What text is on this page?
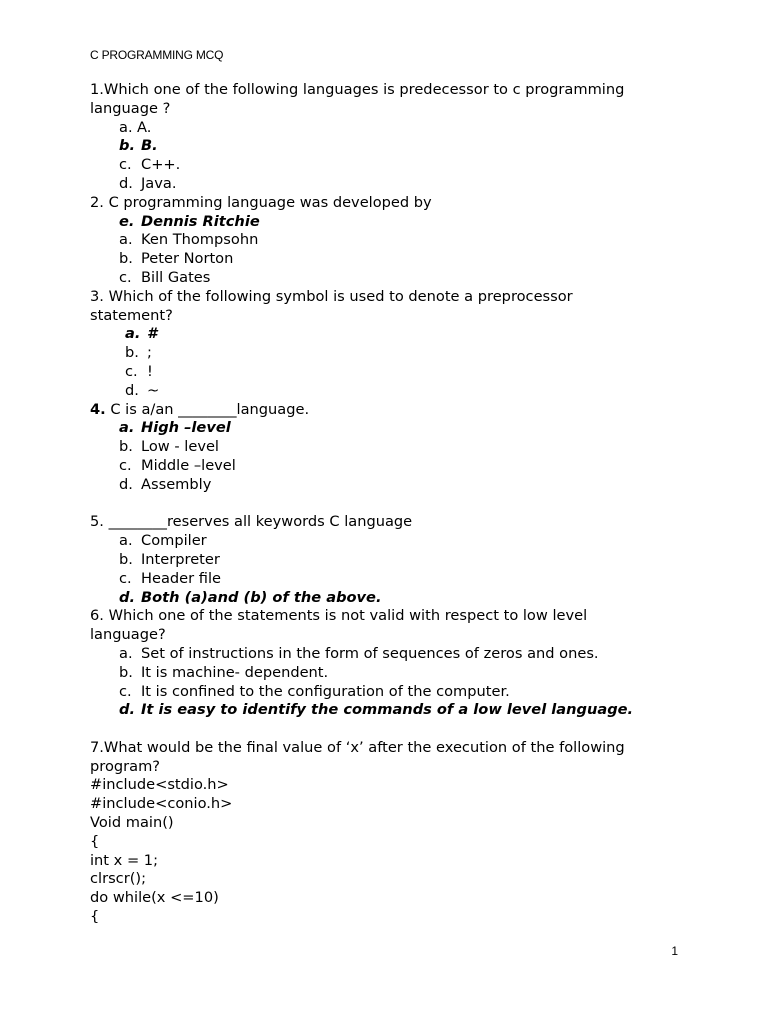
C PROGRAMMING MCQ
1.Which one of the following languages is predecessor to c programming
language ?
a. A.
b. B.
c. C++.
d. Java.
2. C programming language was developed by
e. Dennis Ritchie
a. Ken Thompsohn
b. Peter Norton
c. Bill Gates
3. Which of the following symbol is used to denote a preprocessor
statement?
a. #
b. ;
c. !
d. ~
4. C is a/an ________language.
a. High –level
b. Low - level
c. Middle –level
d. Assembly
5. ________reserves all keywords C language
a. Compiler
b. Interpreter
c. Header file
d. Both (a)and (b) of the above.
6. Which one of the statements is not valid with respect to low level
language?
a. Set of instructions in the form of sequences of zeros and ones.
b. It is machine- dependent.
c. It is confined to the configuration of the computer.
d. It is easy to identify the commands of a low level language.
7.What would be the final value of ‘x’ after the execution of the following
program?
#include<stdio.h>
#include<conio.h>
Void main()
{
int x = 1;
clrscr();
do while(x <=10)
{
1
